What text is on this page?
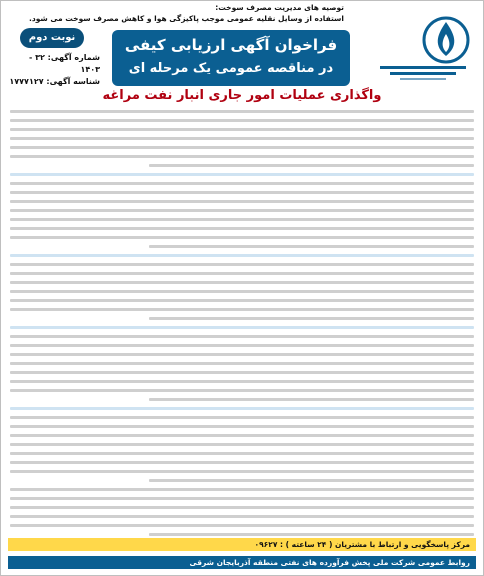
توصیه های مدیریت مصرف سوخت:
استفاده از وسایل نقلیه عمومی موجب پاکیزگی هوا و کاهش مصرف سوخت می شود.
نوبت دوم
شماره آگهی: ۳۲ - ۱۴۰۳
شناسه آگهی: ۱۷۷۷۱۲۷
فراخوان آگهی ارزیابی کیفی
در مناقصه عمومی یک مرحله ای
واگذاری عملیات امور جاری انبار نفت مراغه
مرکز پاسخگویی و ارتباط با مشتریان ( ۲۴ ساعته ) : ۰۹۶۲۷
روابط عمومی شرکت ملی پخش فرآورده های نفتی منطقه آذربایجان شرقی
